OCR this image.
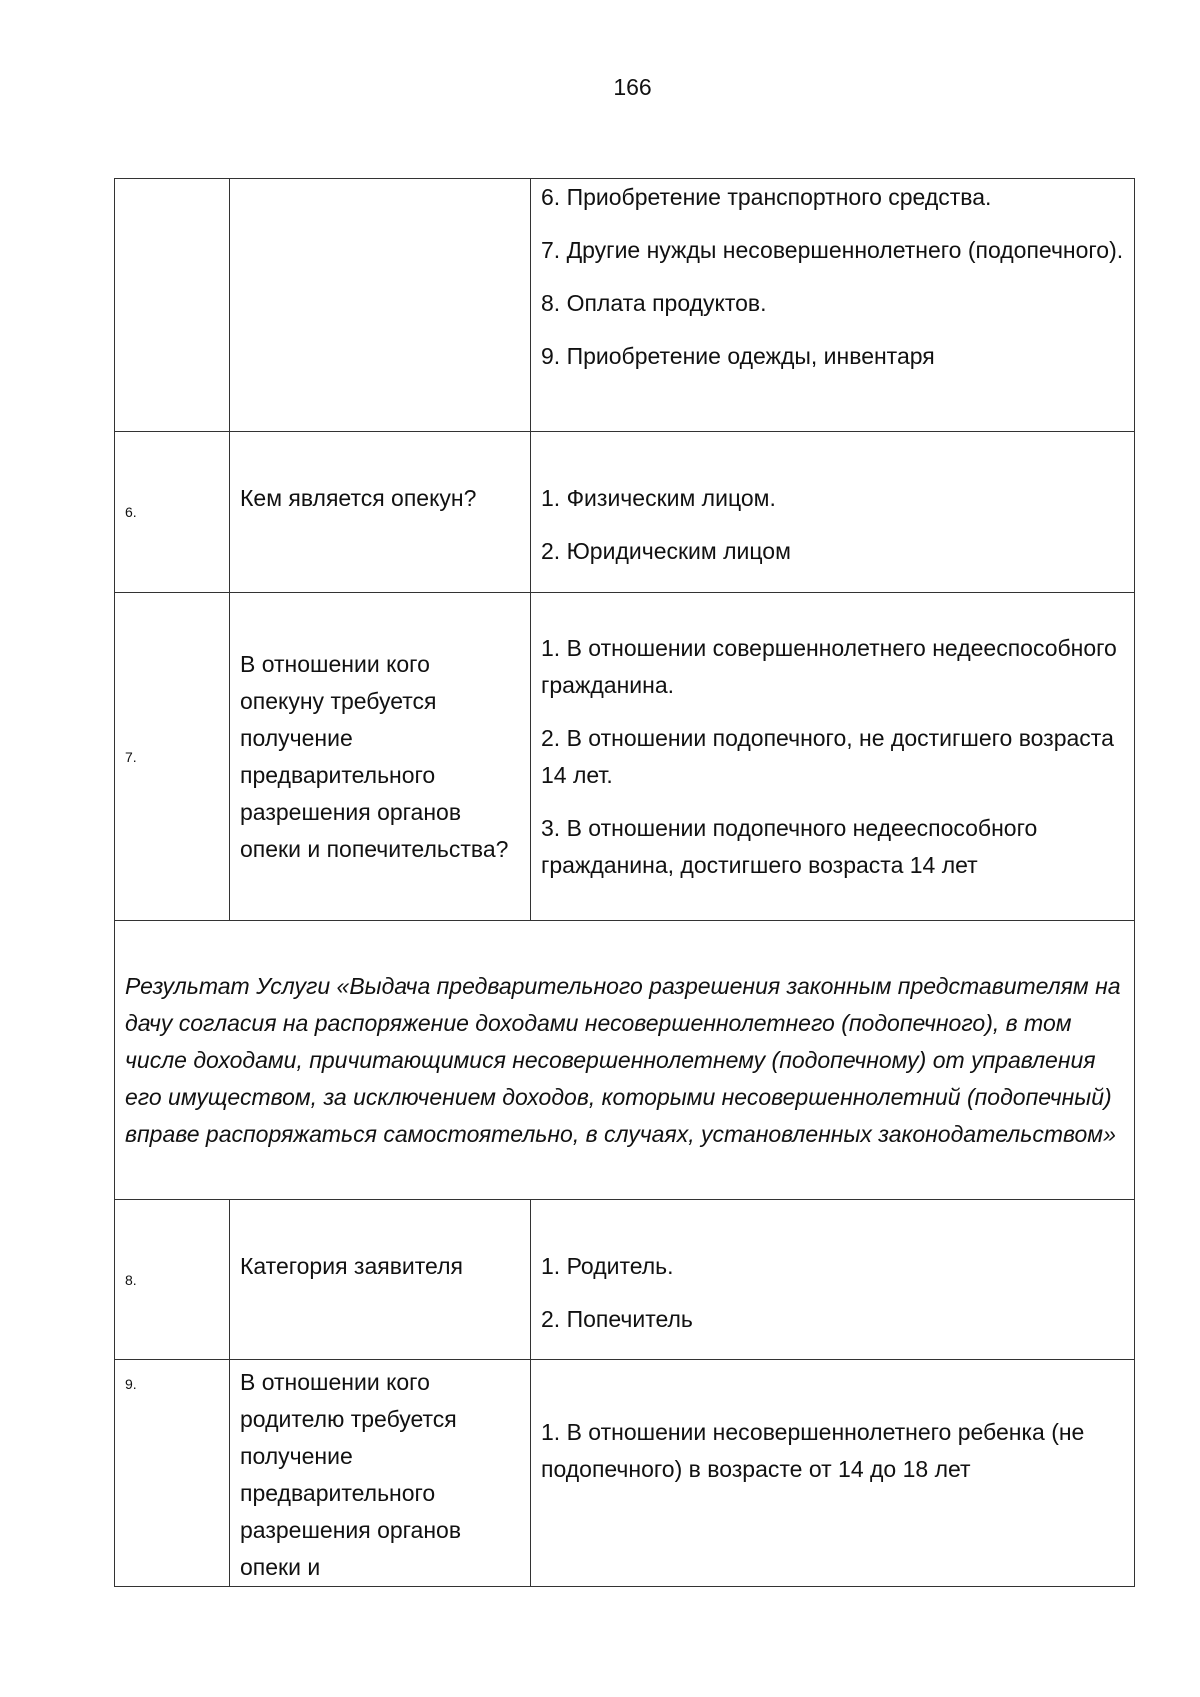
166

		6. Приобретение транспортного средства.

7. Другие нужды несовершеннолетнего (подопечного).

8. Оплата продуктов.

9. Приобретение одежды, инвентаря

6.	Кем является опекун?	1. Физическим лицом.

2. Юридическим лицом

7.	В отношении кого опекуну требуется получение предварительного разрешения органов опеки и попечительства?	1. В отношении совершеннолетнего недееспособного гражданина.

2. В отношении подопечного, не достигшего возраста 14 лет.

3. В отношении подопечного недееспособного гражданина, достигшего возраста 14 лет

Результат Услуги «Выдача предварительного разрешения законным представителям на дачу согласия на распоряжение доходами несовершеннолетнего (подопечного), в том числе доходами, причитающимися несовершеннолетнему (подопечному) от управления его имуществом, за исключением доходов, которыми несовершеннолетний (подопечный) вправе распоряжаться самостоятельно, в случаях, установленных законодательством»		
8.	Категория заявителя	1. Родитель.

2. Попечитель

9.	В отношении кого родителю требуется получение предварительного разрешения органов опеки и	1. В отношении несовершеннолетнего ребенка (не подопечного) в возрасте от 14 до 18 лет
